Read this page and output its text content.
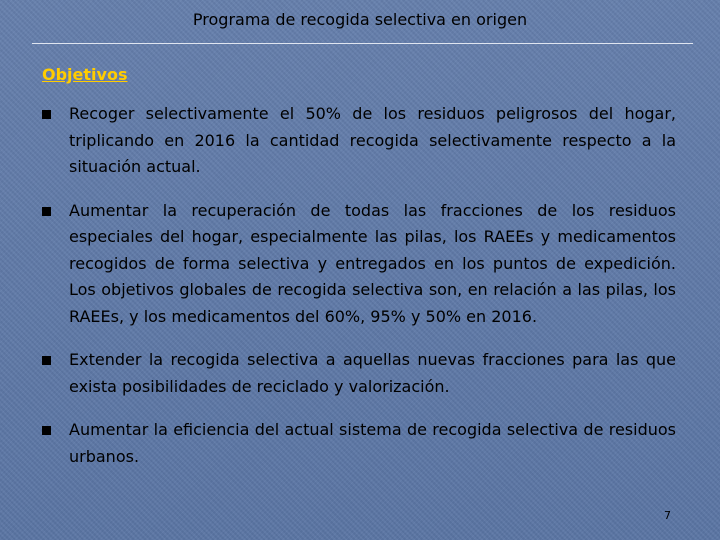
Programa de recogida selectiva en origen
Objetivos
Recoger selectivamente el 50% de los residuos peligrosos del hogar, triplicando en 2016 la cantidad recogida selectivamente respecto a la situación actual.
Aumentar la recuperación de todas las fracciones de los residuos especiales del hogar, especialmente las pilas, los RAEEs y medicamentos recogidos de forma selectiva y entregados en los puntos de expedición. Los objetivos globales de recogida selectiva son, en relación a las pilas, los RAEEs, y los medicamentos del 60%, 95% y 50% en 2016.
Extender la recogida selectiva a aquellas nuevas fracciones para las que exista posibilidades de reciclado y valorización.
Aumentar la eficiencia del actual sistema de recogida selectiva de residuos urbanos.
7
